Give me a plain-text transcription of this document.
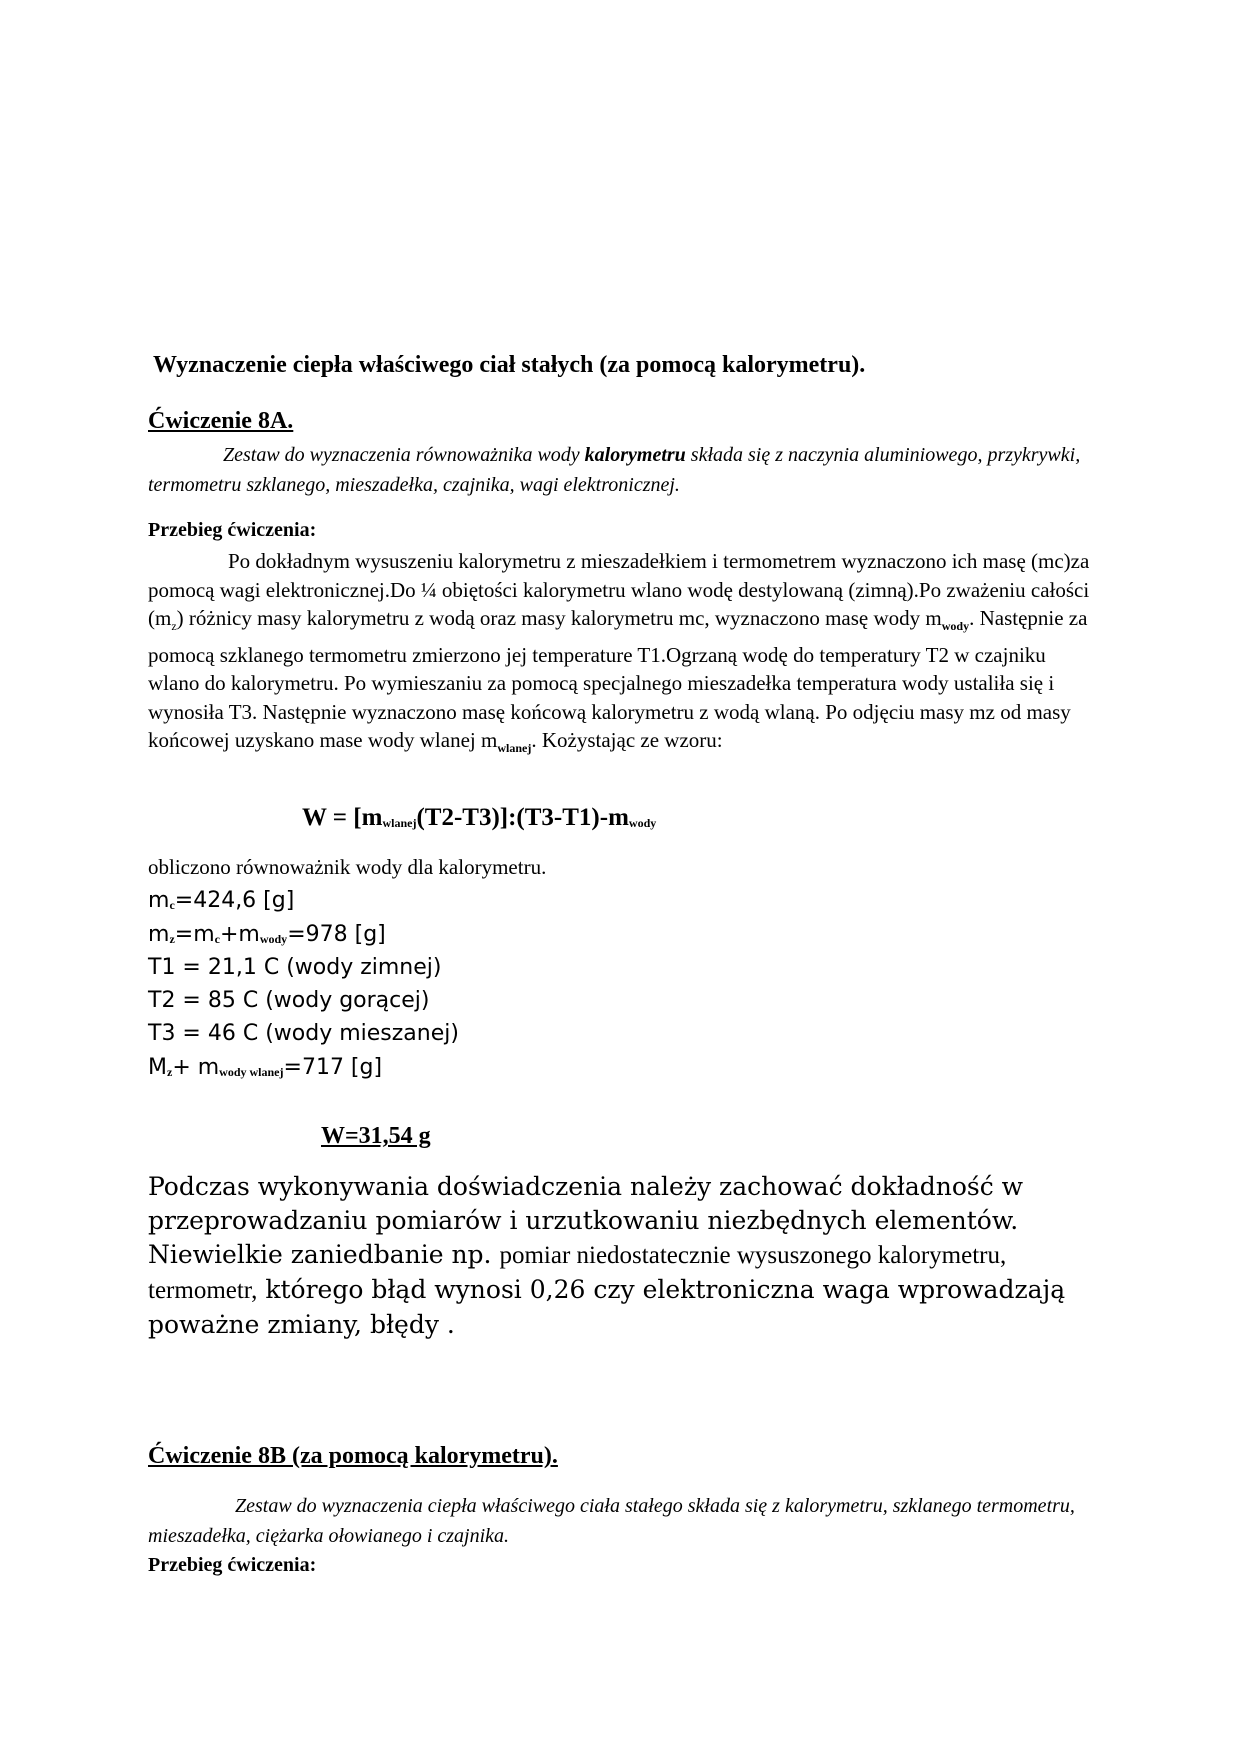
Wyznaczenie ciepła właściwego ciał stałych (za pomocą kalorymetru).
Ćwiczenie 8A.

Zestaw do wyznaczenia równoważnika wody kalorymetru składa się z naczynia aluminiowego, przykrywki, termometru szklanego, mieszadełka, czajnika, wagi elektronicznej.

Przebieg ćwiczenia:

Po dokładnym wysuszeniu kalorymetru z mieszadełkiem i termometrem wyznaczono ich masę (mc)za pomocą wagi elektronicznej.Do ¼ obiętości kalorymetru wlano wodę destylowaną (zimną).Po zważeniu całości $(m_z)$ różnicy masy kalorymetru z wodą oraz masy kalorymetru mc, wyznaczono masę wody $m_{wody}$. Następnie za pomocą szklanego termometru zmierzono jej temperature T1.Ogrzaną wodę do temperatury T2 w czajniku wlano do kalorymetru. Po wymieszaniu za pomocą specjalnego mieszadełka temperatura wody ustaliła się i wynosiła T3. Następnie wyznaczono masę końcową kalorymetru z wodą wlaną. Po odjęciu masy mz od masy końcowej uzyskano mase wody wlanej $m_{wlanej}$. Kożystając ze wzoru:

$W = [m_{wlanej}(T2-T3)]:(T3-T1)-m_{wody}$
obliczono równoważnik wody dla kalorymetru.
mc=424,6 [g]
mz=mc+mwody=978 [g]
T1 = 21,1 C (wody zimnej)
T2 = 85 C (wody gorącej)
T3 = 46 C (wody mieszanej)
Mz+ mwody wlanej=717 [g]
W=31,54 g

Podczas wykonywania doświadczenia należy zachować dokładność w przeprowadzaniu pomiarów i urzutkowaniu niezbędnych elementów. Niewielkie zaniedbanie np. pomiar niedostatecznie wysuszonego kalorymetru, termometr, którego błąd wynosi 0,26 czy elektroniczna waga wprowadzają poważne zmiany, błędy .

Ćwiczenie 8B (za pomocą kalorymetru).

Zestaw do wyznaczenia ciepła właściwego ciała stałego składa się z kalorymetru, szklanego termometru, mieszadełka, ciężarka ołowianego i czajnika.

Przebieg ćwiczenia:
